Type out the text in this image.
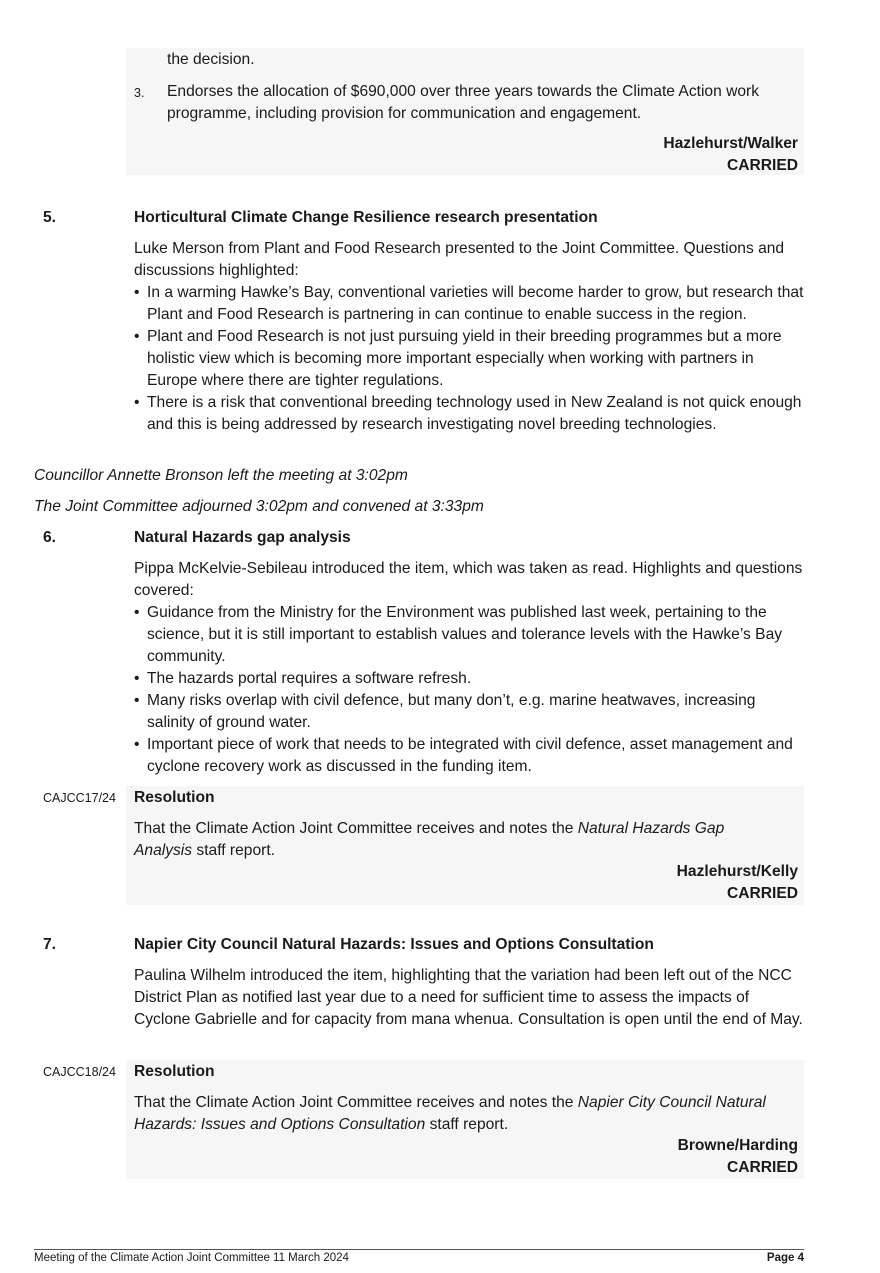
the decision.
3. Endorses the allocation of $690,000 over three years towards the Climate Action work programme, including provision for communication and engagement.
Hazlehurst/Walker
CARRIED
5.	Horticultural Climate Change Resilience research presentation
Luke Merson from Plant and Food Research presented to the Joint Committee. Questions and discussions highlighted:
• In a warming Hawke’s Bay, conventional varieties will become harder to grow, but research that Plant and Food Research is partnering in can continue to enable success in the region.
• Plant and Food Research is not just pursuing yield in their breeding programmes but a more holistic view which is becoming more important especially when working with partners in Europe where there are tighter regulations.
• There is a risk that conventional breeding technology used in New Zealand is not quick enough and this is being addressed by research investigating novel breeding technologies.
Councillor Annette Bronson left the meeting at 3:02pm
The Joint Committee adjourned 3:02pm and convened at 3:33pm
6.	Natural Hazards gap analysis
Pippa McKelvie-Sebileau introduced the item, which was taken as read. Highlights and questions covered:
• Guidance from the Ministry for the Environment was published last week, pertaining to the science, but it is still important to establish values and tolerance levels with the Hawke’s Bay community.
• The hazards portal requires a software refresh.
• Many risks overlap with civil defence, but many don’t, e.g. marine heatwaves, increasing salinity of ground water.
• Important piece of work that needs to be integrated with civil defence, asset management and cyclone recovery work as discussed in the funding item.
CAJCC17/24 Resolution
That the Climate Action Joint Committee receives and notes the Natural Hazards Gap Analysis staff report.
Hazlehurst/Kelly
CARRIED
7.	Napier City Council Natural Hazards: Issues and Options Consultation
Paulina Wilhelm introduced the item, highlighting that the variation had been left out of the NCC District Plan as notified last year due to a need for sufficient time to assess the impacts of Cyclone Gabrielle and for capacity from mana whenua. Consultation is open until the end of May.
CAJCC18/24 Resolution
That the Climate Action Joint Committee receives and notes the Napier City Council Natural Hazards: Issues and Options Consultation staff report.
Browne/Harding
CARRIED
Meeting of the Climate Action Joint Committee 11 March 2024	Page 4
